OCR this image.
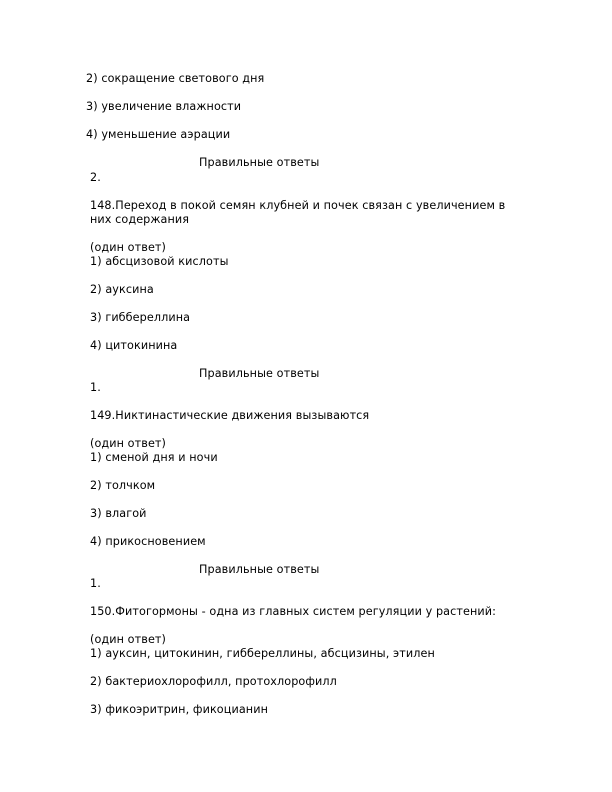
2) сокращение светового дня
3) увеличение влажности
4) уменьшение аэрации
Правильные ответы
2.
148.Переход в покой семян клубней и почек связан с увеличением в них содержания
(один ответ)
1) абсцизовой кислоты
2) ауксина
3) гиббереллина
4) цитокинина
Правильные ответы
1.
149.Никтинастические движения вызываются
(один ответ)
1) сменой дня и ночи
2) толчком
3) влагой
4) прикосновением
Правильные ответы
1.
150.Фитогормоны - одна из главных систем регуляции у растений:
(один ответ)
1) ауксин, цитокинин, гиббереллины, абсцизины, этилен
2) бактериохлорофилл, протохлорофилл
3) фикоэритрин, фикоцианин
